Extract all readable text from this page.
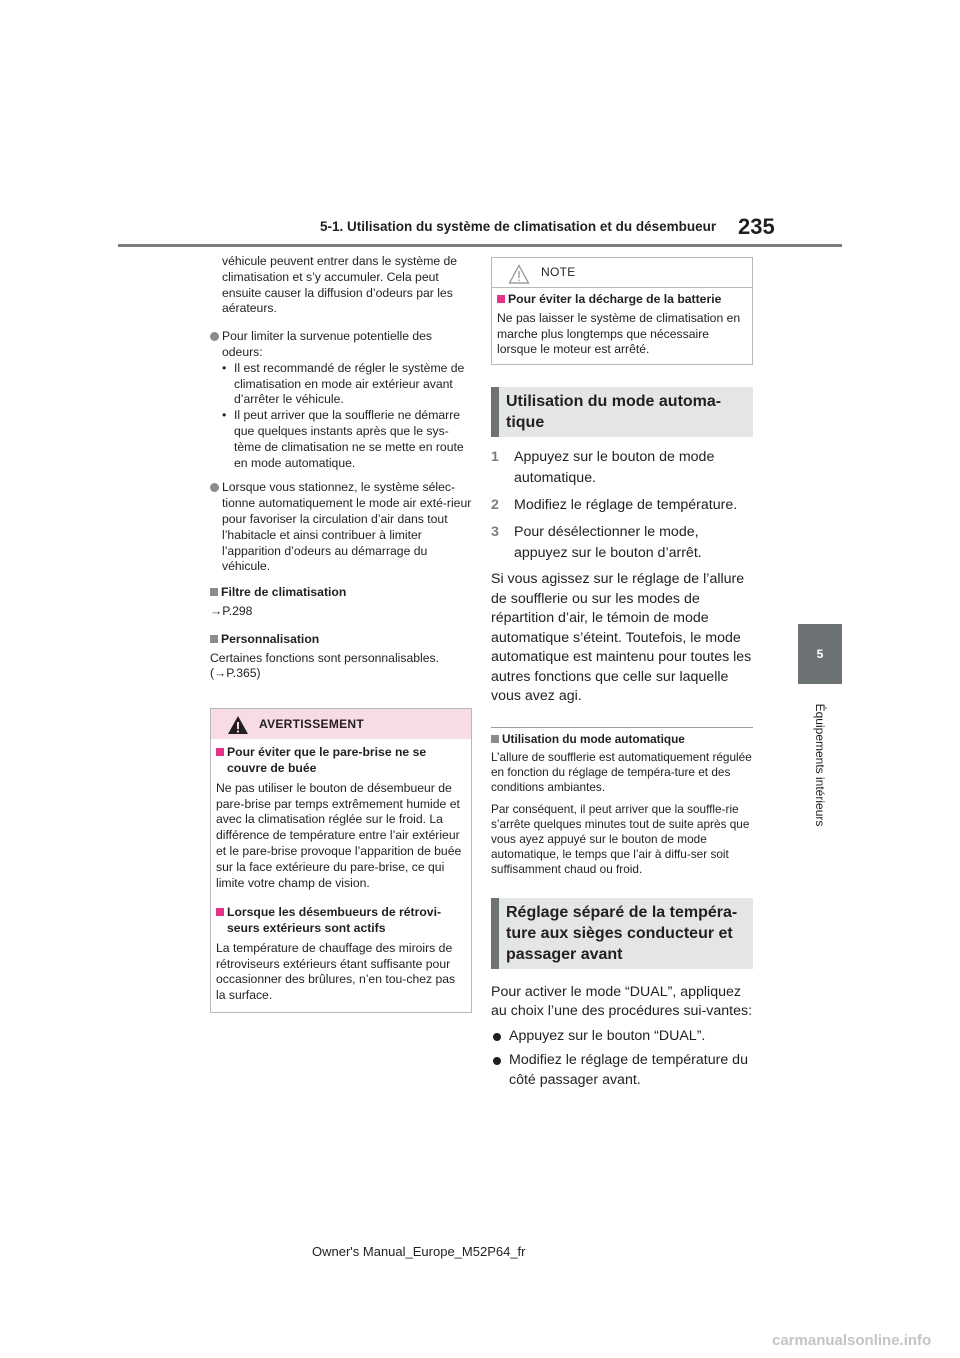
5-1. Utilisation du système de climatisation et du désembueur 235
5
Équipements intérieurs
véhicule peuvent entrer dans le système de climatisation et s’y accumuler. Cela peut ensuite causer la diffusion d’odeurs par les aérateurs.
Pour limiter la survenue potentielle des odeurs:
• Il est recommandé de régler le système de climatisation en mode air extérieur avant d’arrêter le véhicule.
• Il peut arriver que la soufflerie ne démarre que quelques instants après que le sys-tème de climatisation ne se mette en route en mode automatique.
Lorsque vous stationnez, le système sélec-tionne automatiquement le mode air exté-rieur pour favoriser la circulation d’air dans tout l’habitacle et ainsi contribuer à limiter l’apparition d’odeurs au démarrage du véhicule.
Filtre de climatisation
→P.298
Personnalisation
Certaines fonctions sont personnalisables. (→P.365)
AVERTISSEMENT
Pour éviter que le pare-brise ne se couvre de buée
Ne pas utiliser le bouton de désembueur de pare-brise par temps extrêmement humide et avec la climatisation réglée sur le froid. La différence de température entre l’air extérieur et le pare-brise provoque l’apparition de buée sur la face extérieure du pare-brise, ce qui limite votre champ de vision.
Lorsque les désembueurs de rétrovi-seurs extérieurs sont actifs
La température de chauffage des miroirs de rétroviseurs extérieurs étant suffisante pour occasionner des brûlures, n’en tou-chez pas la surface.
NOTE
Pour éviter la décharge de la batterie
Ne pas laisser le système de climatisation en marche plus longtemps que nécessaire lorsque le moteur est arrêté.
Utilisation du mode automa-tique
1 Appuyez sur le bouton de mode automatique.
2 Modifiez le réglage de température.
3 Pour désélectionner le mode, appuyez sur le bouton d’arrêt.
Si vous agissez sur le réglage de l’allure de soufflerie ou sur les modes de répartition d’air, le témoin de mode automatique s’éteint. Toutefois, le mode automatique est maintenu pour toutes les autres fonctions que celle sur laquelle vous avez agi.
Utilisation du mode automatique
L’allure de soufflerie est automatiquement régulée en fonction du réglage de tempéra-ture et des conditions ambiantes.
Par conséquent, il peut arriver que la souffle-rie s’arrête quelques minutes tout de suite après que vous ayez appuyé sur le bouton de mode automatique, le temps que l’air à diffu-ser soit suffisamment chaud ou froid.
Réglage séparé de la tempéra-ture aux sièges conducteur et passager avant
Pour activer le mode “DUAL”, appliquez au choix l’une des procédures sui-vantes:
Appuyez sur le bouton “DUAL”.
Modifiez le réglage de température du côté passager avant.
Owner's Manual_Europe_M52P64_fr
carmanualsonline.info
